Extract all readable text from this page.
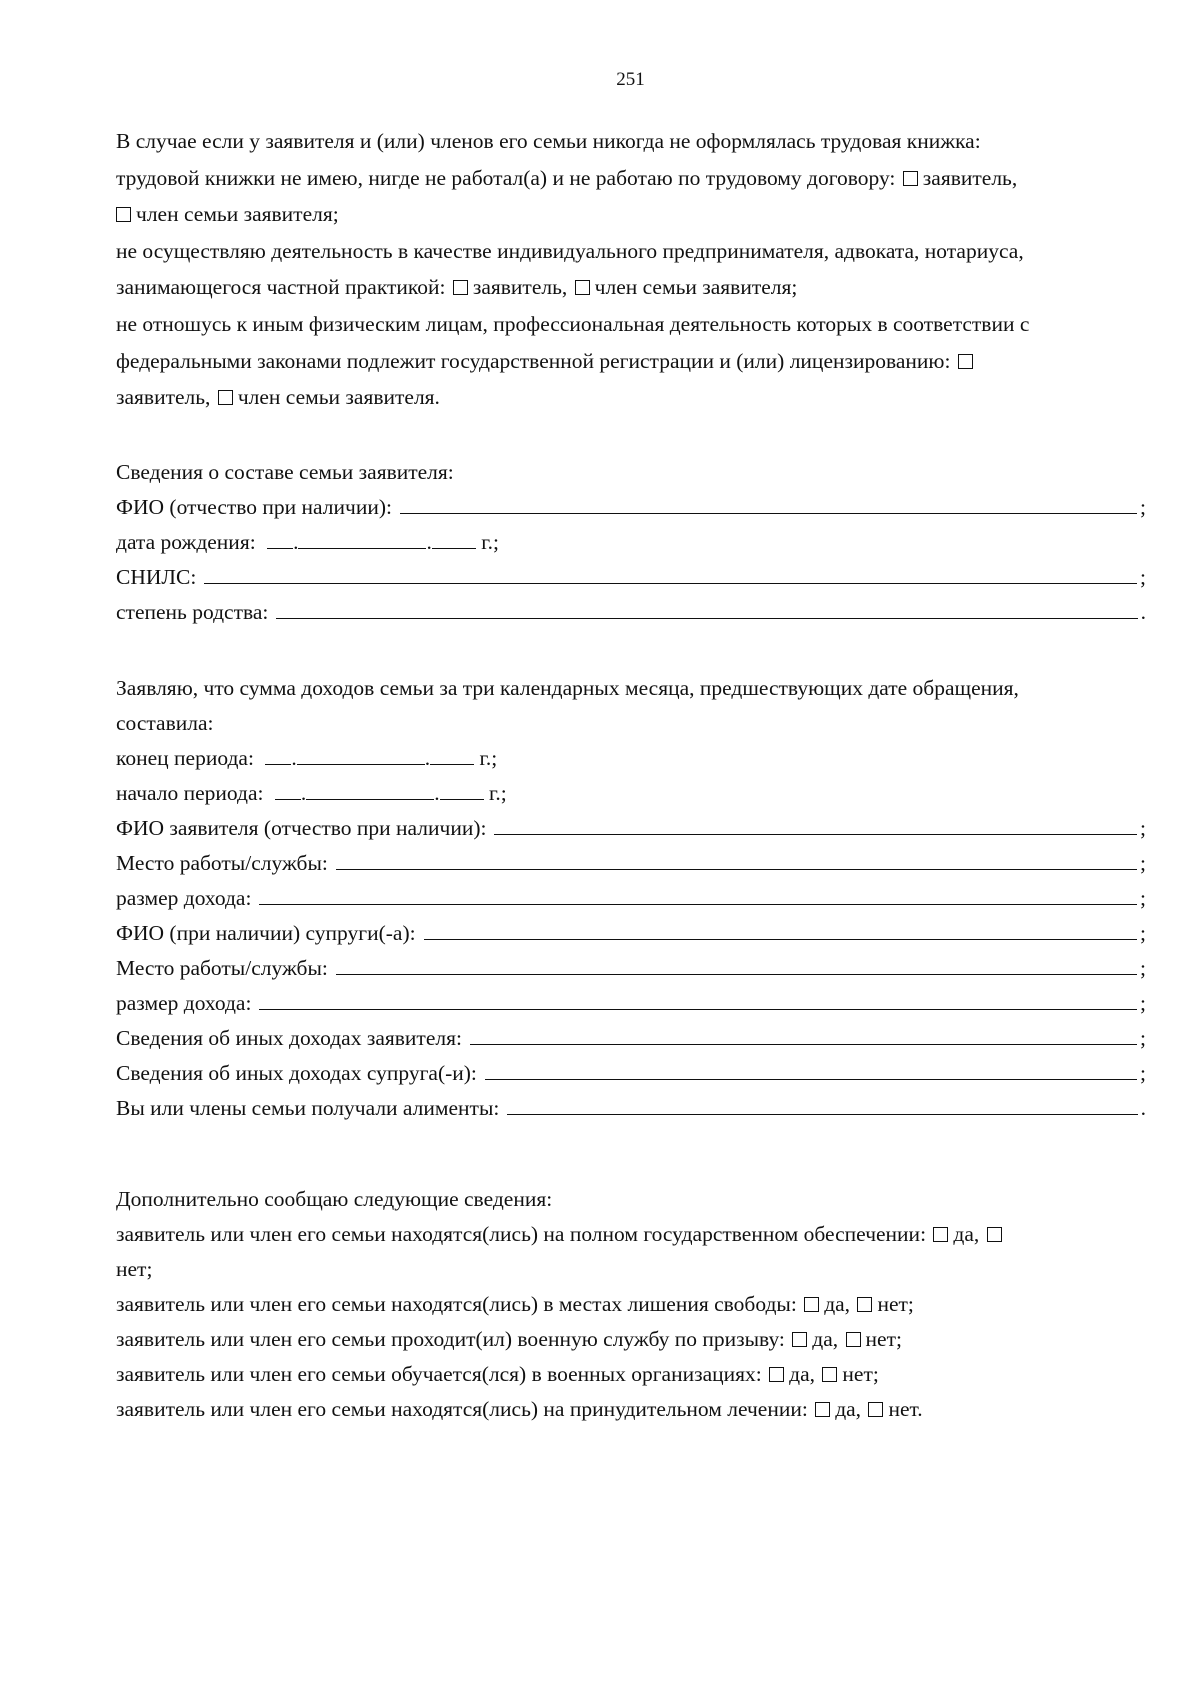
251
В случае если у заявителя и (или) членов его семьи никогда не оформлялась трудовая книжка:
трудовой книжки не имею, нигде не работал(а) и не работаю по трудовому договору: заявитель,
член семьи заявителя;
не осуществляю деятельность в качестве индивидуального предпринимателя, адвоката, нотариуса,
занимающегося частной практикой: заявитель, член семьи заявителя;
не отношусь к иным физическим лицам, профессиональная деятельность которых в соответствии с
федеральными законами подлежит государственной регистрации и (или) лицензированию:
заявитель, член семьи заявителя.
Сведения о составе семьи заявителя:
ФИО (отчество при наличии):	;
дата рождения: .	. г.;
СНИЛС:	;
степень родства:	.
Заявляю, что сумма доходов семьи за три календарных месяца, предшествующих дате обращения,
составила:
конец периода: .	. г.;
начало периода: .	. г.;
ФИО заявителя (отчество при наличии):	;
Место работы/службы:	;
размер дохода:	;
ФИО (при наличии) супруги(-а):	;
Место работы/службы:	;
размер дохода:	;
Сведения об иных доходах заявителя:	;
Сведения об иных доходах супруга(-и):	;
Вы или члены семьи получали алименты:	.
Дополнительно сообщаю следующие сведения:
заявитель или член его семьи находятся(лись) на полном государственном обеспечении: да,
нет;
заявитель или член его семьи находятся(лись) в местах лишения свободы: да, нет;
заявитель или член его семьи проходит(ил) военную службу по призыву: да, нет;
заявитель или член его семьи обучается(лся) в военных организациях: да, нет;
заявитель или член его семьи находятся(лись) на принудительном лечении: да, нет.
